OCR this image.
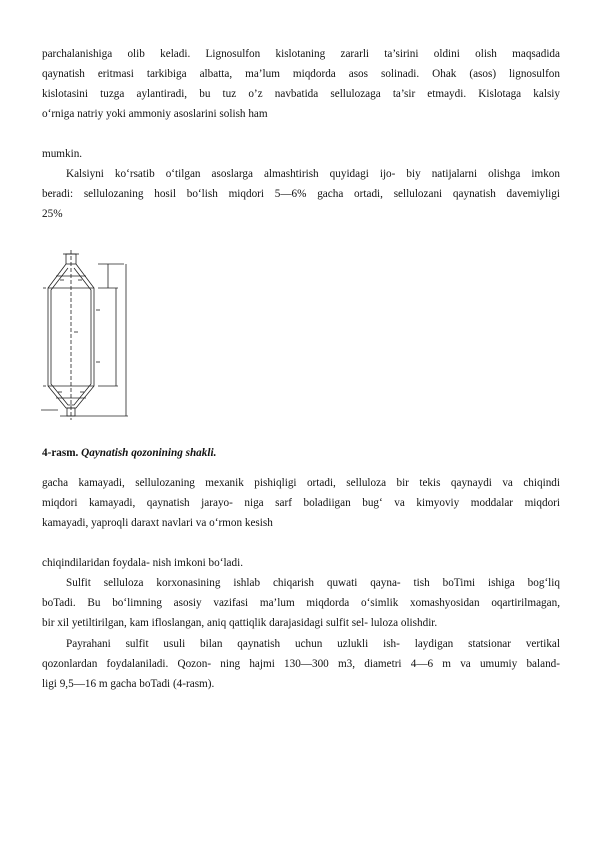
parchalanishiga olib keladi. Lignosulfon kislotaning zararli ta’sirini oldini olish maqsadida
qaynatish eritmasi tarkibiga albatta, ma’lum miqdorda asos solinadi. Ohak (asos) lignosulfon
kislotasini tuzga aylantiradi, bu tuz o’z navbatida sellulozaga ta’sir etmaydi. Kislotaga kalsiy
o‘rniga natriy yoki ammoniy asoslarini solish ham
mumkin.
Kalsiyni ko‘rsatib o‘tilgan asoslarga almashtirish quyidagi ijo- biy natijalarni olishga imkon
beradi: sellulozaning hosil bo‘lish miqdori 5—6% gacha ortadi, sellulozani qaynatish davemiyligi
25%
4-rasm. Qaynatish qozonining shakli.
gacha kamayadi, sellulozaning mexanik pishiqligi ortadi, selluloza bir tekis qaynaydi va chiqindi
miqdori kamayadi, qaynatish jarayo- niga sarf boladiigan bug‘ va kimyoviy moddalar miqdori
kamayadi, yaproqli daraxt navlari va o‘rmon kesish
chiqindilaridan foydala- nish imkoni bo‘ladi.
Sulfit selluloza korxonasining ishlab chiqarish quwati qayna- tish boTimi ishiga bog‘liq
boTadi. Bu bo‘limning asosiy vazifasi ma’lum miqdorda o‘simlik xomashyosidan oqartirilmagan,
bir xil yetiltirilgan, kam ifloslangan, aniq qattiqlik darajasidagi sulfit sel- luloza olishdir.
Payrahani sulfit usuli bilan qaynatish uchun uzlukli ish- laydigan statsionar vertikal
qozonlardan foydalaniladi. Qozon- ning hajmi 130—300 m3, diametri 4—6 m va umumiy baland-
ligi 9,5—16 m gacha boTadi (4-rasm).
